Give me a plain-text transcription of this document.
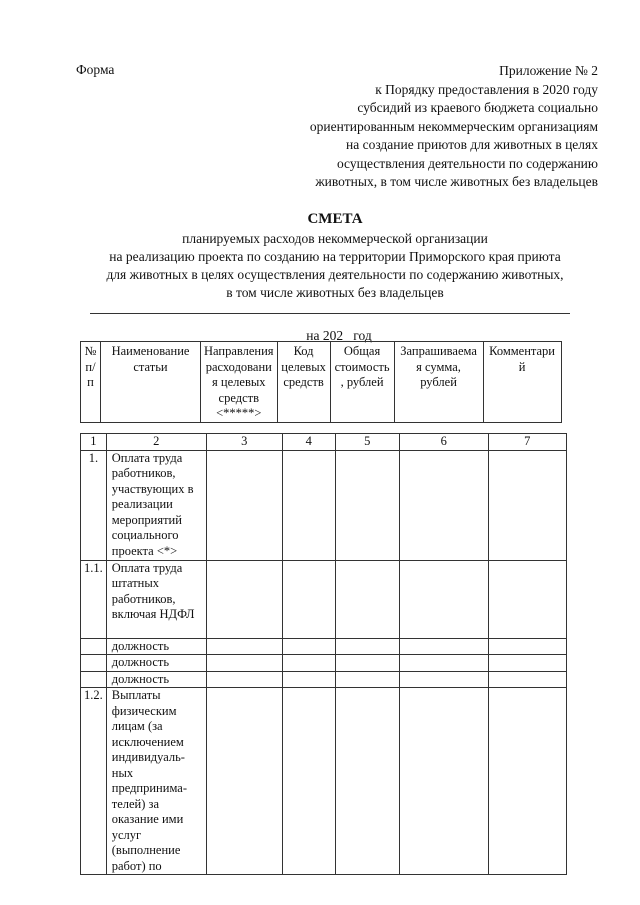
Форма	Приложение № 2
к Порядку предоставления в 2020 году
субсидий из краевого бюджета социально
ориентированным некоммерческим организациям
на создание приютов для животных в целях
осуществления деятельности по содержанию
животных, в том числе животных без владельцев
СМЕТА
планируемых расходов некоммерческой организации
на реализацию проекта по созданию на территории Приморского края приюта
для животных в целях осуществления деятельности по содержанию животных,
в том числе животных без владельцев
на 202_ год
№ п/ п	Наименование статьи	Направления расходовани я целевых средств <*****>	Код целевых средств	Общая стоимость , рублей	Запрашиваема я сумма, рублей	Комментари й
1	2	3	4	5	6	7
1.	Оплата труда работников, участвующих в реализации мероприятий социального проекта <*>					
1.1.	Оплата труда штатных работников, включая НДФЛ					
	должность					
	должность					
	должность					
1.2.	Выплаты физическим лицам (за исключением индивидуаль-ных предпринима-телей) за оказание ими услуг (выполнение работ) по					
